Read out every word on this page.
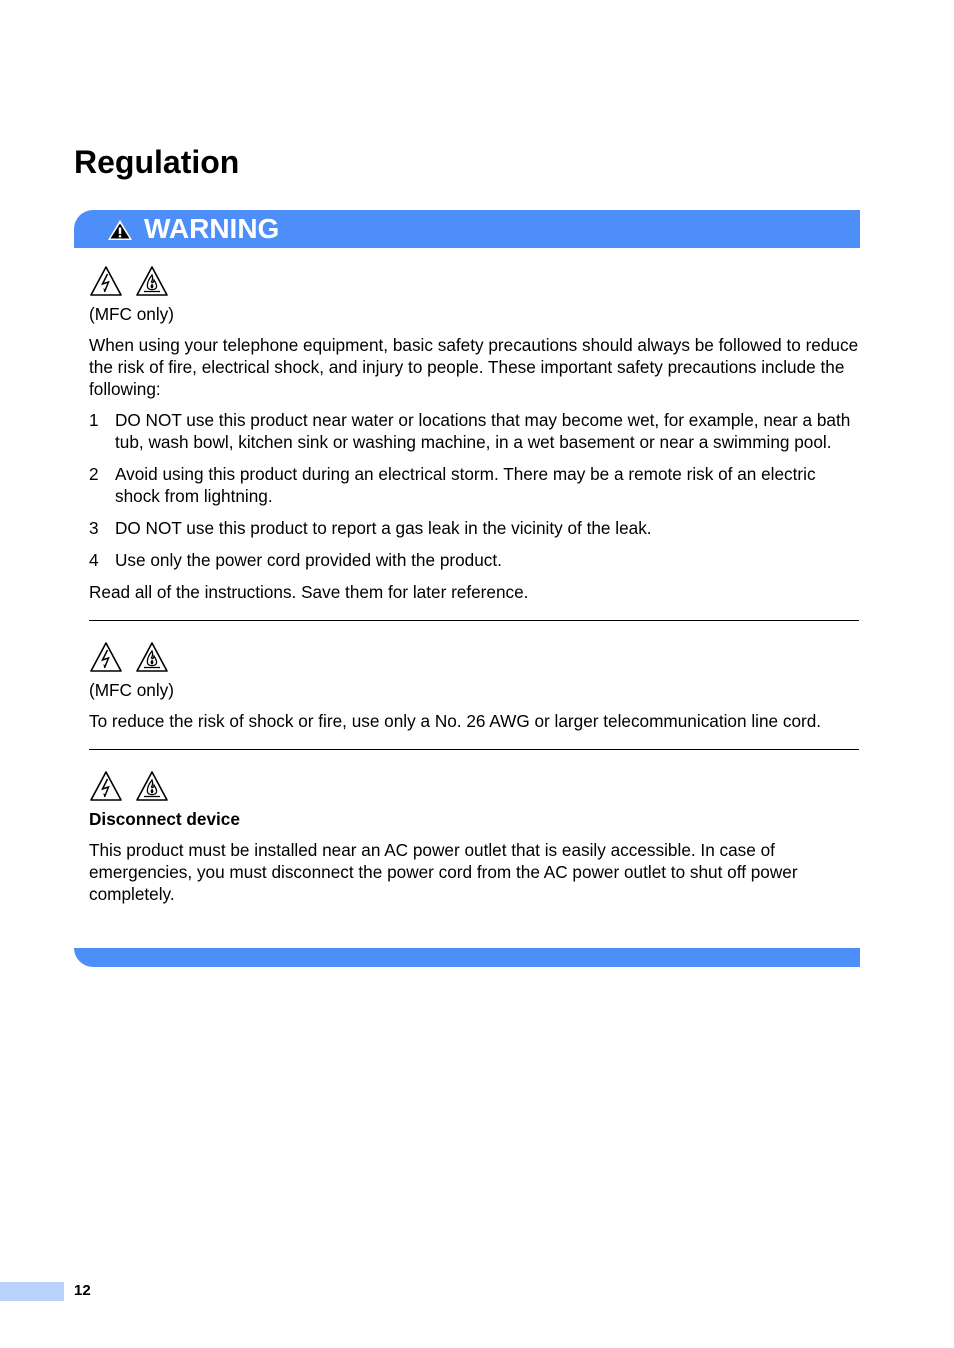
Regulation
WARNING

(MFC only)

When using your telephone equipment, basic safety precautions should always be followed to reduce the risk of fire, electrical shock, and injury to people. These important safety precautions include the following:

1 DO NOT use this product near water or locations that may become wet, for example, near a bath tub, wash bowl, kitchen sink or washing machine, in a wet basement or near a swimming pool.
2 Avoid using this product during an electrical storm. There may be a remote risk of an electric shock from lightning.
3 DO NOT use this product to report a gas leak in the vicinity of the leak.
4 Use only the power cord provided with the product.

Read all of the instructions. Save them for later reference.

(MFC only)

To reduce the risk of shock or fire, use only a No. 26 AWG or larger telecommunication line cord.

Disconnect device

This product must be installed near an AC power outlet that is easily accessible. In case of emergencies, you must disconnect the power cord from the AC power outlet to shut off power completely.

12
